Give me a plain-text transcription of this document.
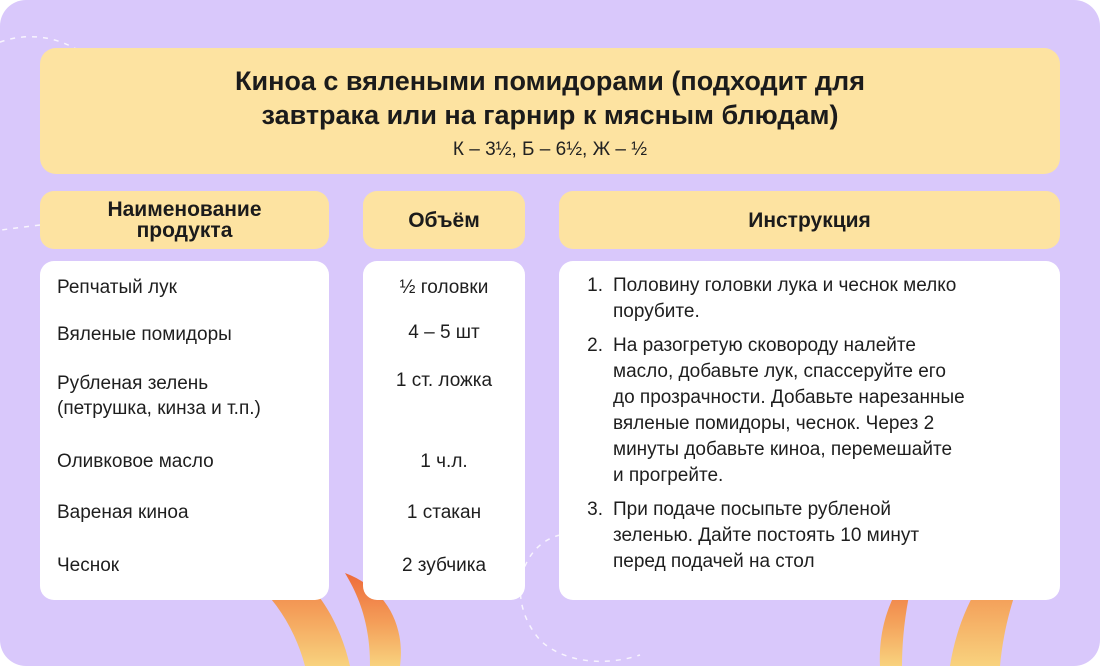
Киноа с вялеными помидорами (подходит для
завтрака или на гарнир к мясным блюдам)
К – 3½, Б – 6½, Ж – ½
Наименование
продукта	Объём	Инструкция
Репчатый лук
Вяленые помидоры
Рубленая зелень
(петрушка, кинза и т.п.)
Оливковое масло
Вареная киноа
Чеснок
½ головки
4 – 5 шт
1 ст. ложка
1 ч.л.
1 стакан
2 зубчика
1. Половину головки лука и чеснок мелко
порубите.
2. На разогретую сковороду налейте
масло, добавьте лук, спассеруйте его
до прозрачности. Добавьте нарезанные
вяленые помидоры, чеснок. Через 2
минуты добавьте киноа, перемешайте
и прогрейте.
3. При подаче посыпьте рубленой
зеленью. Дайте постоять 10 минут
перед подачей на стол
